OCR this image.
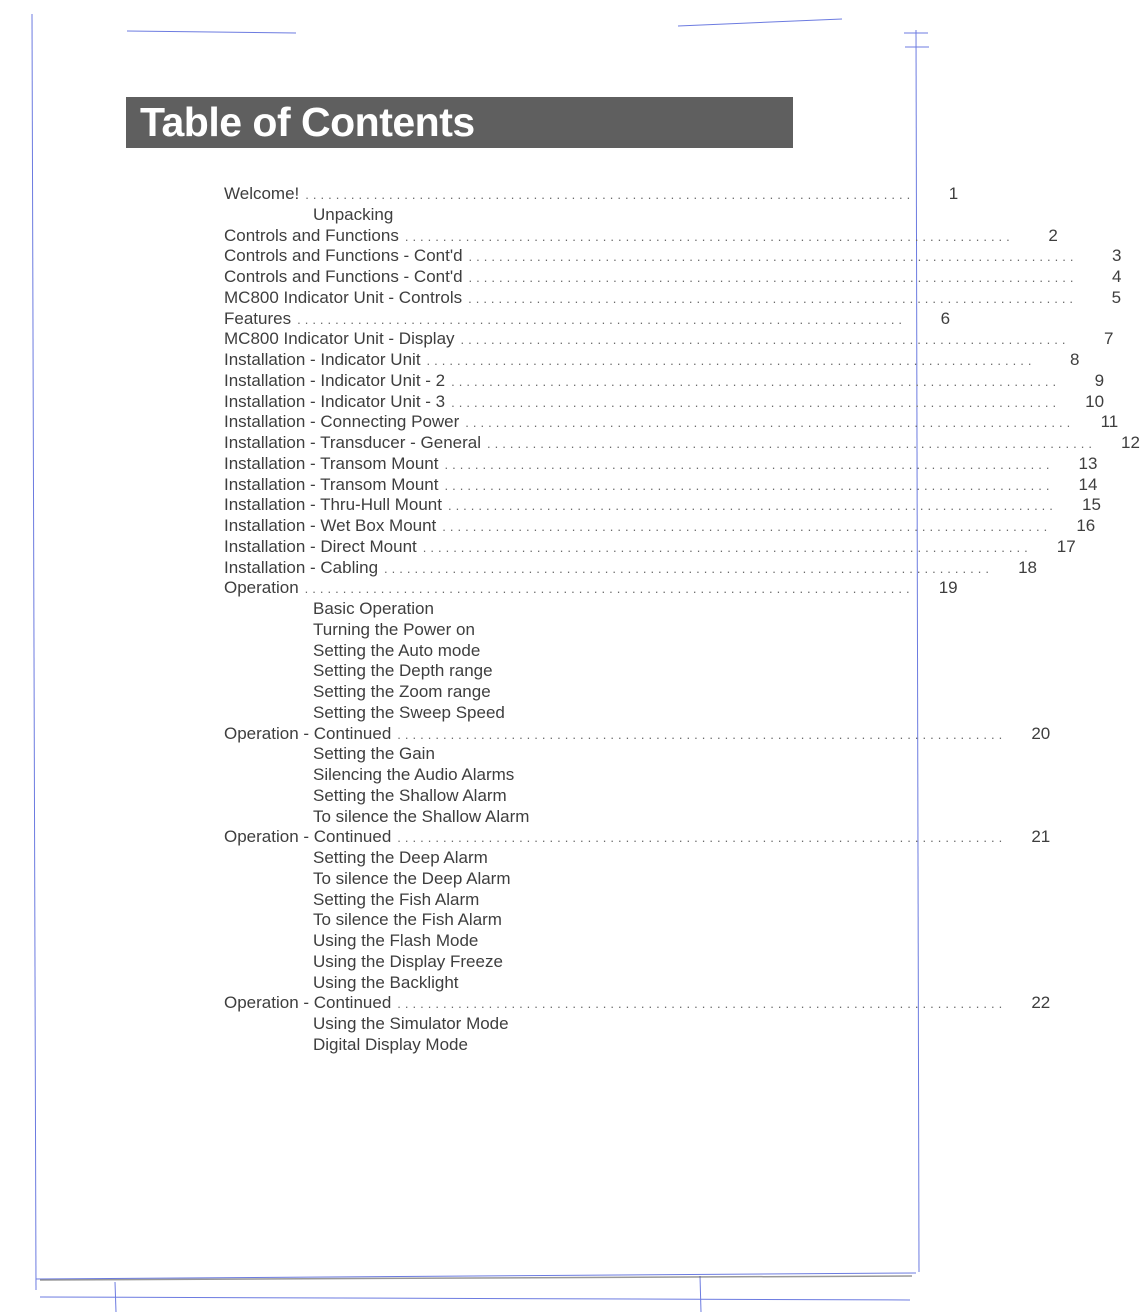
Table of Contents
Welcome! ................................................................................	1
Unpacking
Controls and Functions ................................................................................	2
Controls and Functions - Cont'd ................................................................................	3
Controls and Functions - Cont'd ................................................................................	4
MC800 Indicator Unit - Controls ................................................................................	5
Features ................................................................................	6
MC800 Indicator Unit - Display ................................................................................	7
Installation - Indicator Unit ................................................................................	8
Installation - Indicator Unit - 2 ................................................................................	9
Installation - Indicator Unit - 3 ................................................................................	10
Installation - Connecting Power ................................................................................	11
Installation - Transducer - General ................................................................................	12
Installation - Transom Mount ................................................................................	13
Installation - Transom Mount ................................................................................	14
Installation - Thru-Hull Mount ................................................................................	15
Installation - Wet Box Mount ................................................................................	16
Installation - Direct Mount ................................................................................	17
Installation - Cabling ................................................................................	18
Operation ................................................................................	19
Basic Operation
Turning the Power on
Setting the Auto mode
Setting the Depth range
Setting the Zoom range
Setting the Sweep Speed
Operation - Continued ................................................................................	20
Setting the Gain
Silencing the Audio Alarms
Setting the Shallow Alarm
To silence the Shallow Alarm
Operation - Continued ................................................................................	21
Setting the Deep Alarm
To silence the Deep Alarm
Setting the Fish Alarm
To silence the Fish Alarm
Using the Flash Mode
Using the Display Freeze
Using the Backlight
Operation - Continued ................................................................................	22
Using the Simulator Mode
Digital Display Mode
